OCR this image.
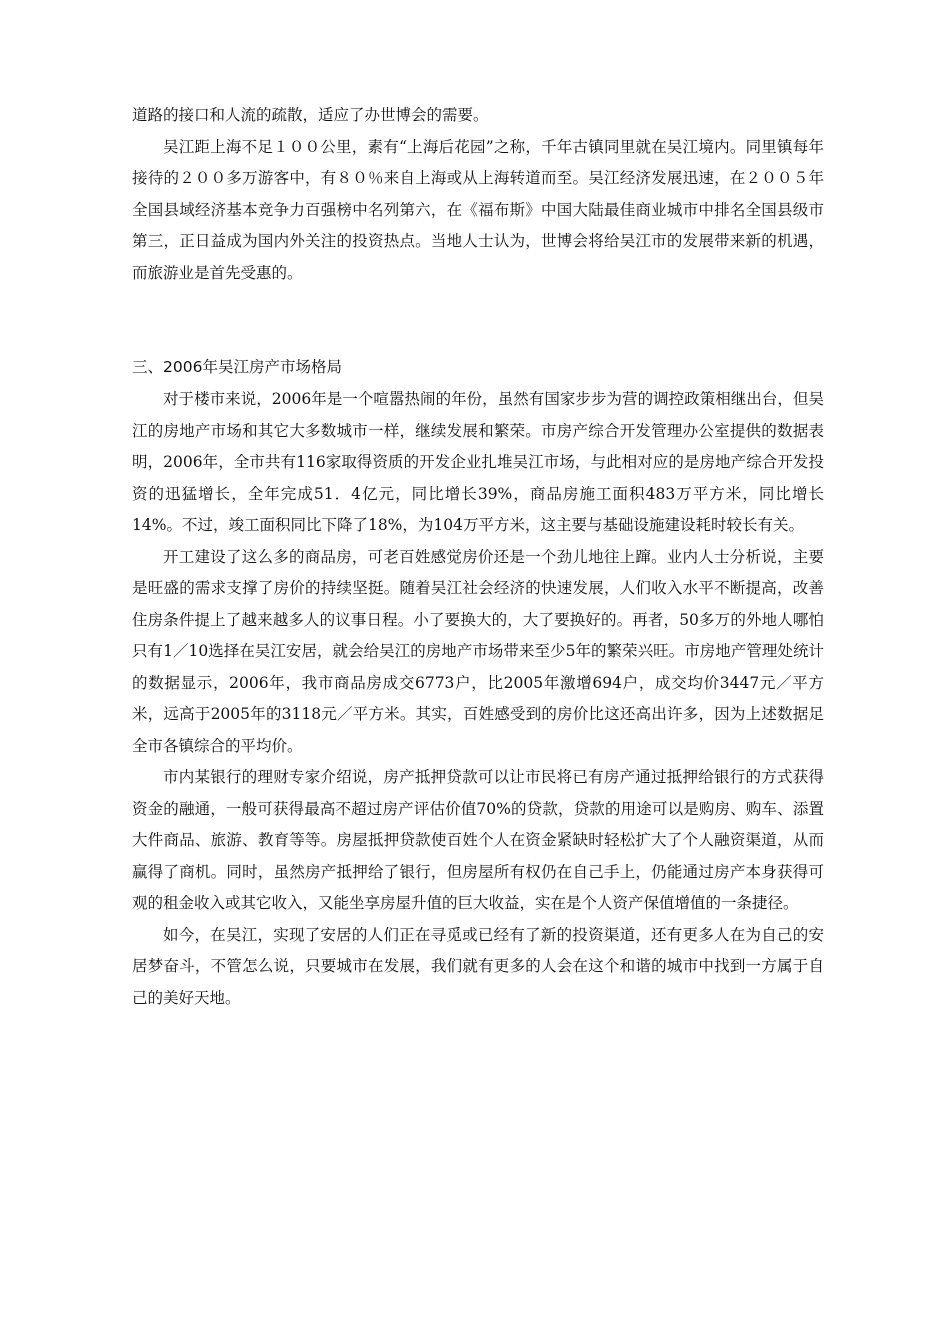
道路的接口和人流的疏散，适应了办世博会的需要。

吴江距上海不足１００公里，素有“上海后花园”之称，千年古镇同里就在吴江境内。同里镇每年接待的２００多万游客中，有８０％来自上海或从上海转道而至。吴江经济发展迅速，在２００５年全国县域经济基本竞争力百强榜中名列第六，在《福布斯》中国大陆最佳商业城市中排名全国县级市第三，正日益成为国内外关注的投资热点。当地人士认为，世博会将给吴江市的发展带来新的机遇，而旅游业是首先受惠的。

三、2006年吴江房产市场格局

对于楼市来说，2006年是一个喧嚣热闹的年份，虽然有国家步步为营的调控政策相继出台，但吴江的房地产市场和其它大多数城市一样，继续发展和繁荣。市房产综合开发管理办公室提供的数据表明，2006年，全市共有116家取得资质的开发企业扎堆吴江市场，与此相对应的是房地产综合开发投资的迅猛增长，全年完成51．4亿元，同比增长39%，商品房施工面积483万平方米，同比增长14%。不过，竣工面积同比下降了18%，为104万平方米，这主要与基础设施建设耗时较长有关。

开工建设了这么多的商品房，可老百姓感觉房价还是一个劲儿地往上蹿。业内人士分析说，主要是旺盛的需求支撑了房价的持续坚挺。随着吴江社会经济的快速发展，人们收入水平不断提高，改善住房条件提上了越来越多人的议事日程。小了要换大的，大了要换好的。再者，50多万的外地人哪怕只有1／10选择在吴江安居，就会给吴江的房地产市场带来至少5年的繁荣兴旺。市房地产管理处统计的数据显示，2006年，我市商品房成交6773户，比2005年激增694户，成交均价3447元／平方米，远高于2005年的3118元／平方米。其实，百姓感受到的房价比这还高出许多，因为上述数据足全市各镇综合的平均价。

市内某银行的理财专家介绍说，房产抵押贷款可以让市民将已有房产通过抵押给银行的方式获得资金的融通，一般可获得最高不超过房产评估价值70%的贷款，贷款的用途可以是购房、购车、添置大件商品、旅游、教育等等。房屋抵押贷款使百姓个人在资金紧缺时轻松扩大了个人融资渠道，从而赢得了商机。同时，虽然房产抵押给了银行，但房屋所有权仍在自己手上，仍能通过房产本身获得可观的租金收入或其它收入，又能坐享房屋升值的巨大收益，实在是个人资产保值增值的一条捷径。

如今，在吴江，实现了安居的人们正在寻觅或已经有了新的投资渠道，还有更多人在为自己的安居梦奋斗，不管怎么说，只要城市在发展，我们就有更多的人会在这个和谐的城市中找到一方属于自己的美好天地。
